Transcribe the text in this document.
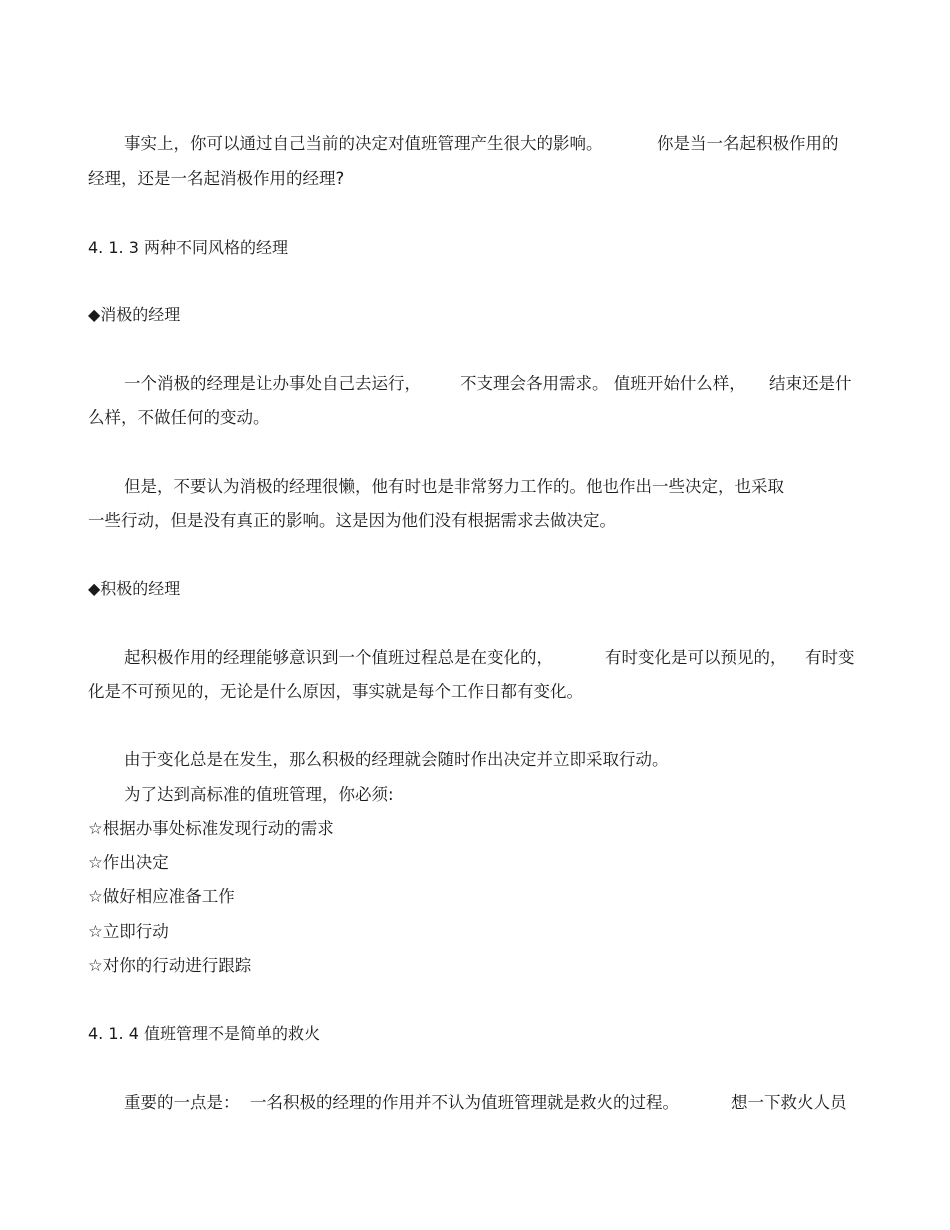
事实上，你可以通过自己当前的决定对值班管理产生很大的影响。	你是当一名起积极作用的
经理，还是一名起消极作用的经理?
4. 1. 3 两种不同风格的经理
◆消极的经理
一个消极的经理是让办事处自己去运行， 不支理会各用需求。 值班开始什么样， 结束还是什
么样，不做任何的变动。
但是，不要认为消极的经理很懒，他有时也是非常努力工作的。他也作出一些决定，也采取
一些行动，但是没有真正的影响。这是因为他们没有根据需求去做决定。
◆积极的经理
起积极作用的经理能够意识到一个值班过程总是在变化的，	有时变化是可以预见的， 有时变
化是不可预见的，无论是什么原因，事实就是每个工作日都有变化。
由于变化总是在发生，那么积极的经理就会随时作出决定并立即采取行动。
为了达到高标准的值班管理，你必须:
☆根据办事处标准发现行动的需求
☆作出决定
☆做好相应准备工作
☆立即行动
☆对你的行动进行跟踪
4. 1. 4 值班管理不是简单的救火
重要的一点是： 一名积极的经理的作用并不认为值班管理就是救火的过程。	想一下救火人员
